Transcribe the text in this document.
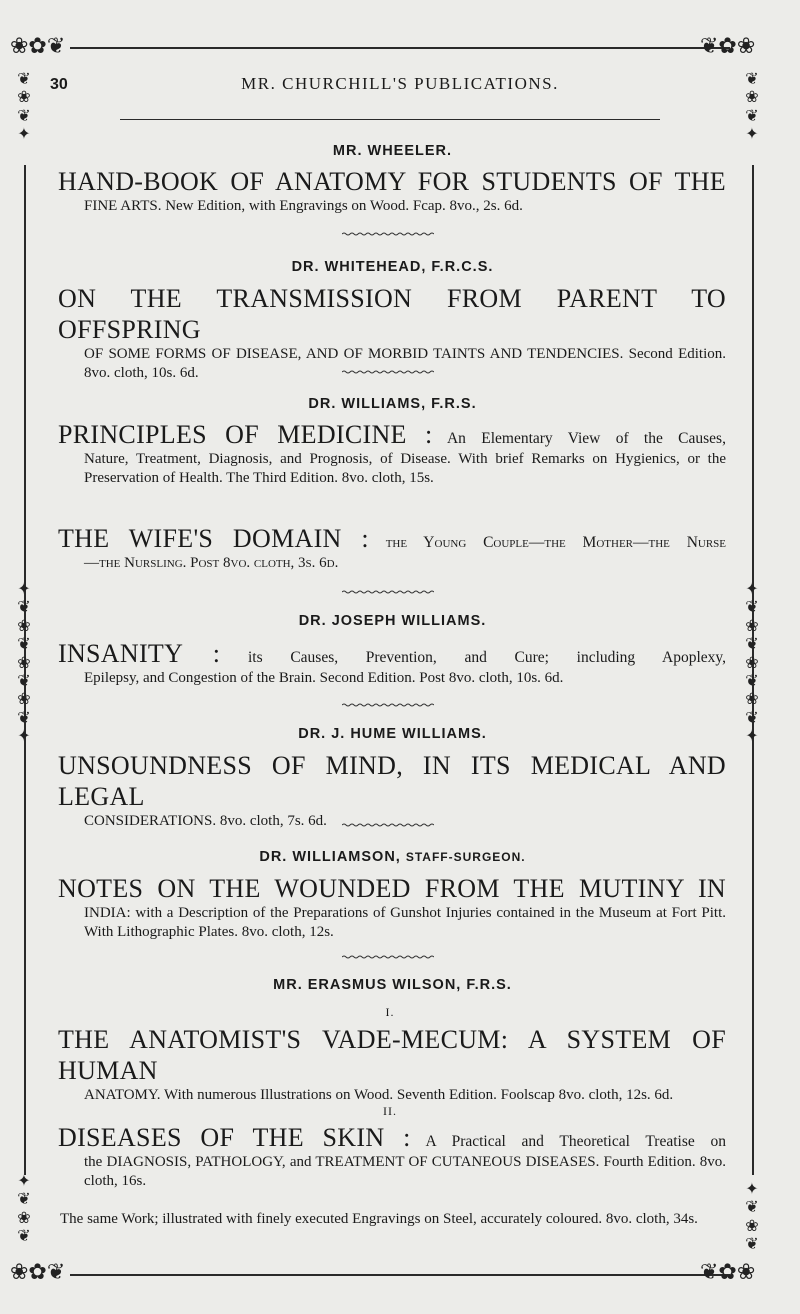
❀✿❦	❦✿❀
❀✿❦	❦✿❀
❦
❀
❦
✦
❦
❀
❦
✦
✦
❦
❀
❦
❀
❦
❀
❦
✦
✦
❦
❀
❦
❀
❦
❀
❦
✦
✦
❦
❀
❦
✦
❦
❀
❦
30	MR. CHURCHILL'S PUBLICATIONS.
MR. WHEELER.
HAND-BOOK OF ANATOMY FOR STUDENTS OF THE
FINE ARTS. New Edition, with Engravings on Wood. Fcap. 8vo., 2s. 6d.
DR. WHITEHEAD, F.R.C.S.
ON THE TRANSMISSION FROM PARENT TO OFFSPRING
OF SOME FORMS OF DISEASE, AND OF MORBID TAINTS AND TENDENCIES. Second Edition. 8vo. cloth, 10s. 6d.
DR. WILLIAMS, F.R.S.
PRINCIPLES OF MEDICINE : An Elementary View of the Causes,
Nature, Treatment, Diagnosis, and Prognosis, of Disease. With brief Remarks on Hygienics, or the Preservation of Health. The Third Edition. 8vo. cloth, 15s.
THE WIFE'S DOMAIN : the Young Couple—the Mother—the Nurse
—the Nursling. Post 8vo. cloth, 3s. 6d.
DR. JOSEPH WILLIAMS.
INSANITY : its Causes, Prevention, and Cure; including Apoplexy,
Epilepsy, and Congestion of the Brain. Second Edition. Post 8vo. cloth, 10s. 6d.
DR. J. HUME WILLIAMS.
UNSOUNDNESS OF MIND, IN ITS MEDICAL AND LEGAL
CONSIDERATIONS. 8vo. cloth, 7s. 6d.
DR. WILLIAMSON, STAFF-SURGEON.
NOTES ON THE WOUNDED FROM THE MUTINY IN
INDIA: with a Description of the Preparations of Gunshot Injuries contained in the Museum at Fort Pitt. With Lithographic Plates. 8vo. cloth, 12s.
MR. ERASMUS WILSON, F.R.S.
I.
THE ANATOMIST'S VADE-MECUM: A SYSTEM OF HUMAN
ANATOMY. With numerous Illustrations on Wood. Seventh Edition. Foolscap 8vo. cloth, 12s. 6d.
II.
DISEASES OF THE SKIN : A Practical and Theoretical Treatise on
the DIAGNOSIS, PATHOLOGY, and TREATMENT OF CUTANEOUS DISEASES. Fourth Edition. 8vo. cloth, 16s.
The same Work; illustrated with finely executed Engravings on Steel, accurately coloured. 8vo. cloth, 34s.
